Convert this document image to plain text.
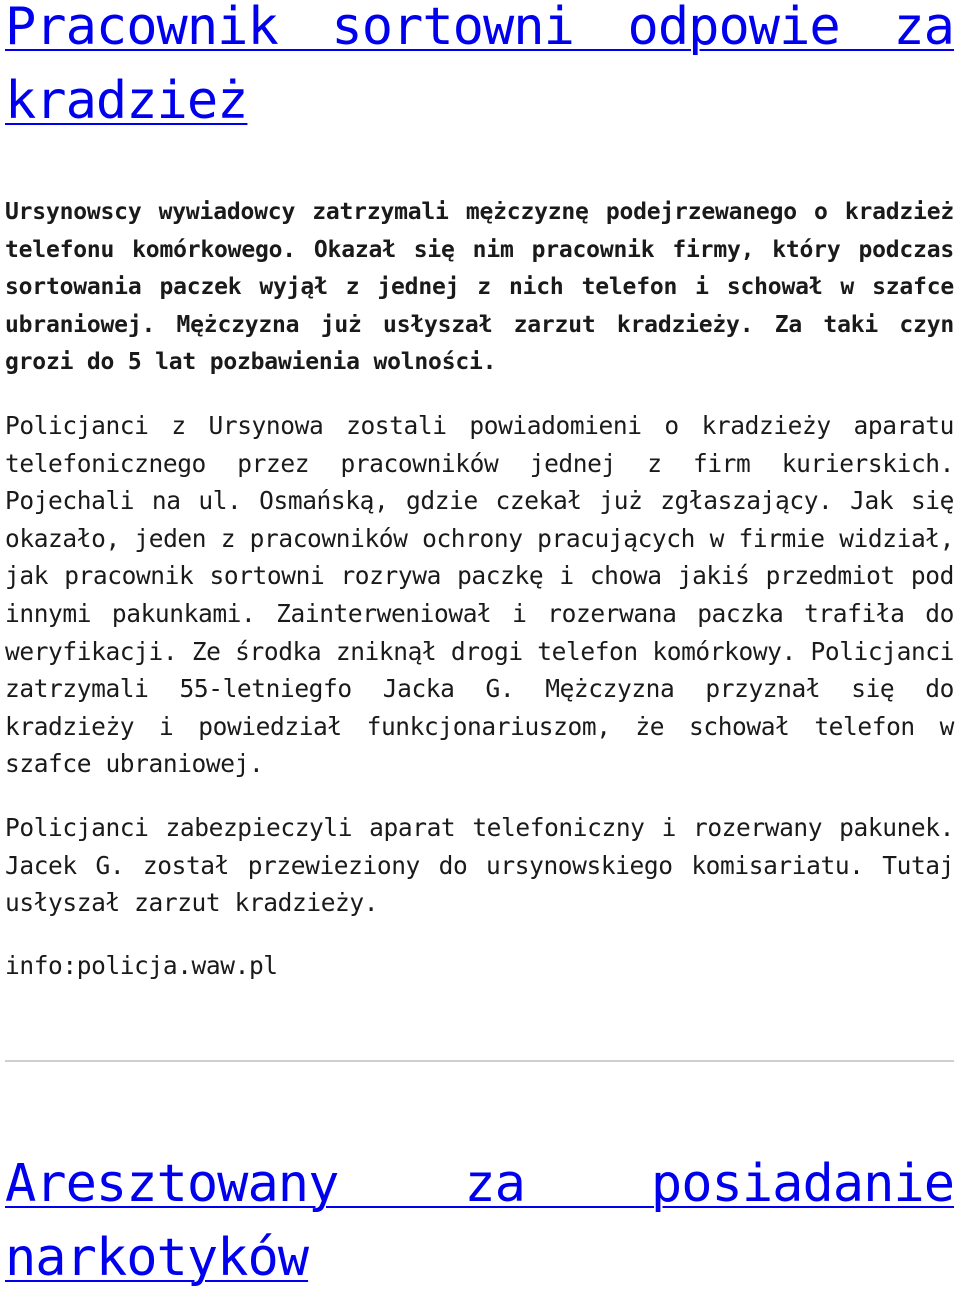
Pracownik sortowni odpowie za kradzież

Ursynowscy wywiadowcy zatrzymali mężczyznę podejrzewanego o kradzież telefonu komórkowego. Okazał się nim pracownik firmy, który podczas sortowania paczek wyjął z jednej z nich telefon i schował w szafce ubraniowej. Mężczyzna już usłyszał zarzut kradzieży. Za taki czyn grozi do 5 lat pozbawienia wolności.

Policjanci z Ursynowa zostali powiadomieni o kradzieży aparatu telefonicznego przez pracowników jednej z firm kurierskich. Pojechali na ul. Osmańską, gdzie czekał już zgłaszający. Jak się okazało, jeden z pracowników ochrony pracujących w firmie widział, jak pracownik sortowni rozrywa paczkę i chowa jakiś przedmiot pod innymi pakunkami. Zainterweniował i rozerwana paczka trafiła do weryfikacji. Ze środka zniknął drogi telefon komórkowy. Policjanci zatrzymali 55-letniegfo Jacka G. Mężczyzna przyznał się do kradzieży i powiedział funkcjonariuszom, że schował telefon w szafce ubraniowej.

Policjanci zabezpieczyli aparat telefoniczny i rozerwany pakunek. Jacek G. został przewieziony do ursynowskiego komisariatu. Tutaj usłyszał zarzut kradzieży.

info:policja.waw.pl

Aresztowany za posiadanie narkotyków
